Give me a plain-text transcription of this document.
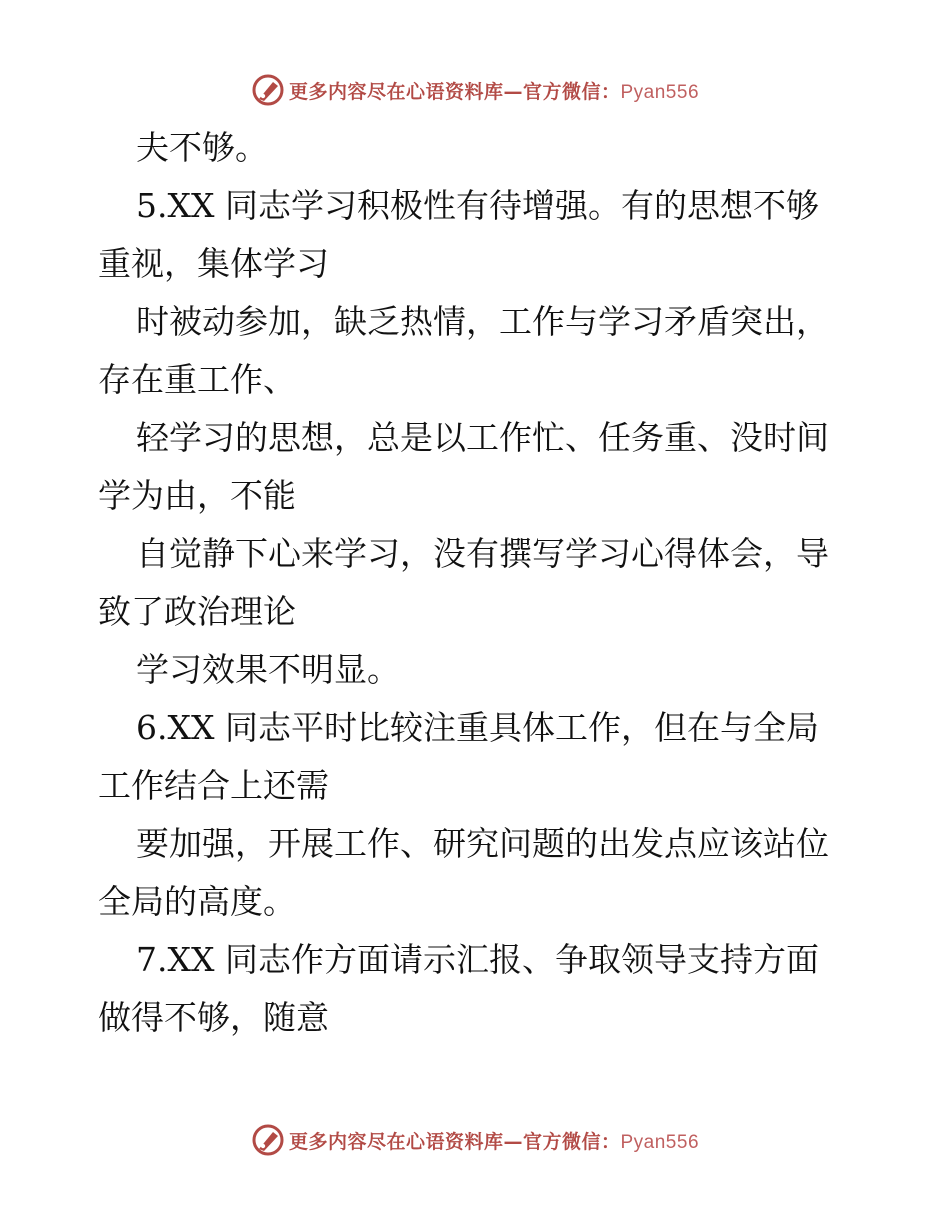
更多内容尽在心语资料库—官方微信：Pyan556
夫不够。
5.XX 同志学习积极性有待增强。有的思想不够
重视，集体学习
时被动参加，缺乏热情，工作与学习矛盾突出，
存在重工作、
轻学习的思想，总是以工作忙、任务重、没时间
学为由，不能
自觉静下心来学习，没有撰写学习心得体会，导
致了政治理论
学习效果不明显。
6.XX 同志平时比较注重具体工作，但在与全局
工作结合上还需
要加强，开展工作、研究问题的出发点应该站位
全局的高度。
7.XX 同志作方面请示汇报、争取领导支持方面
做得不够，随意
更多内容尽在心语资料库—官方微信：Pyan556
